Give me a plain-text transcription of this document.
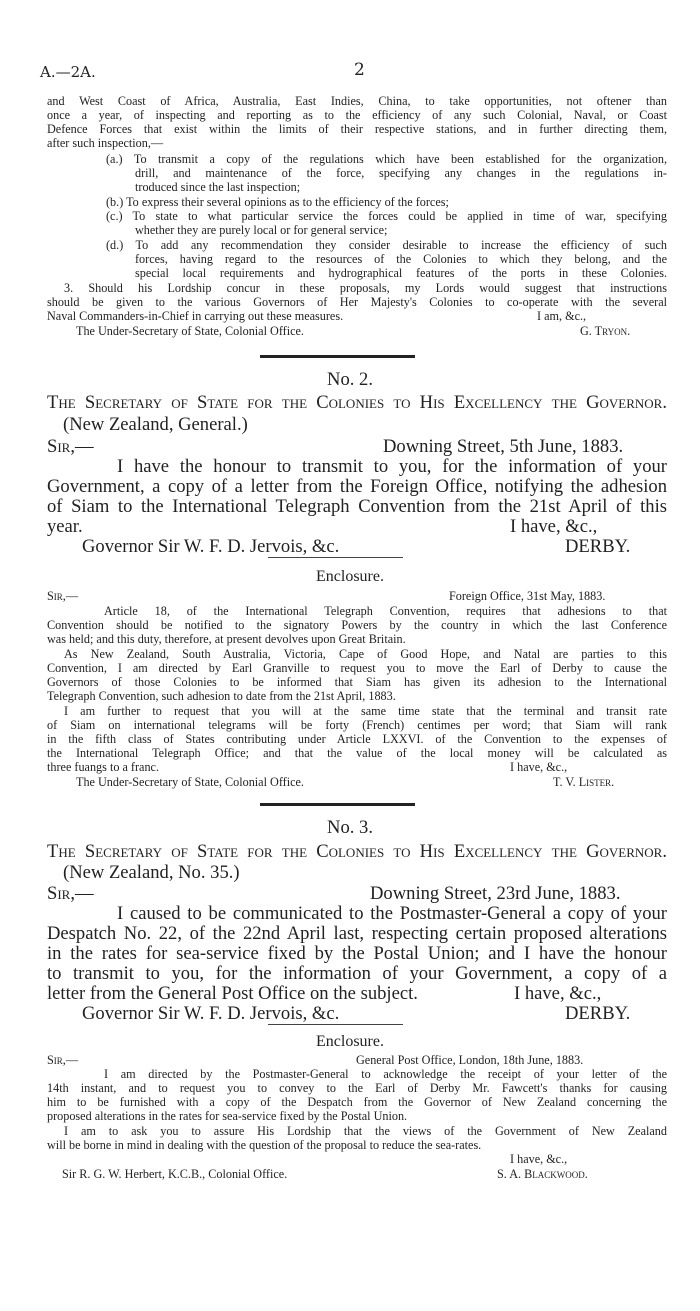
A.—2A.	2
and West Coast of Africa, Australia, East Indies, China, to take opportunities, not oftener than
once a year, of inspecting and reporting as to the efficiency of any such Colonial, Naval, or Coast
Defence Forces that exist within the limits of their respective stations, and in further directing them,
after such inspection,—
(a.) To transmit a copy of the regulations which have been established for the organization,
drill, and maintenance of the force, specifying any changes in the regulations in-
troduced since the last inspection;
(b.) To express their several opinions as to the efficiency of the forces;
(c.) To state to what particular service the forces could be applied in time of war, specifying
whether they are purely local or for general service;
(d.) To add any recommendation they consider desirable to increase the efficiency of such
forces, having regard to the resources of the Colonies to which they belong, and the
special local requirements and hydrographical features of the ports in these Colonies.
3. Should his Lordship concur in these proposals, my Lords would suggest that instructions
should be given to the various Governors of Her Majesty's Colonies to co-operate with the several
Naval Commanders-in-Chief in carrying out these measures.	I am, &c.,
The Under-Secretary of State, Colonial Office.	G. Tryon.
No. 2.
The Secretary of State for the Colonies to His Excellency the Governor.
(New Zealand, General.)
Sir,—	Downing Street, 5th June, 1883.
I have the honour to transmit to you, for the information of your
Government, a copy of a letter from the Foreign Office, notifying the adhesion
of Siam to the International Telegraph Convention from the 21st April of this
year.	I have, &c.,
Governor Sir W. F. D. Jervois, &c.	DERBY.
Enclosure.
Sir,—	Foreign Office, 31st May, 1883.
Article 18, of the International Telegraph Convention, requires that adhesions to that
Convention should be notified to the signatory Powers by the country in which the last Conference
was held; and this duty, therefore, at present devolves upon Great Britain.
As New Zealand, South Australia, Victoria, Cape of Good Hope, and Natal are parties to this
Convention, I am directed by Earl Granville to request you to move the Earl of Derby to cause the
Governors of those Colonies to be informed that Siam has given its adhesion to the International
Telegraph Convention, such adhesion to date from the 21st April, 1883.
I am further to request that you will at the same time state that the terminal and transit rate
of Siam on international telegrams will be forty (French) centimes per word; that Siam will rank
in the fifth class of States contributing under Article LXXVI. of the Convention to the expenses of
the International Telegraph Office; and that the value of the local money will be calculated as
three fuangs to a franc.	I have, &c.,
The Under-Secretary of State, Colonial Office.	T. V. Lister.
No. 3.
The Secretary of State for the Colonies to His Excellency the Governor.
(New Zealand, No. 35.)
Sir,—	Downing Street, 23rd June, 1883.
I caused to be communicated to the Postmaster-General a copy of your
Despatch No. 22, of the 22nd April last, respecting certain proposed alterations
in the rates for sea-service fixed by the Postal Union; and I have the honour
to transmit to you, for the information of your Government, a copy of a
letter from the General Post Office on the subject.	I have, &c.,
Governor Sir W. F. D. Jervois, &c.	DERBY.
Enclosure.
Sir,—	General Post Office, London, 18th June, 1883.
I am directed by the Postmaster-General to acknowledge the receipt of your letter of the
14th instant, and to request you to convey to the Earl of Derby Mr. Fawcett's thanks for causing
him to be furnished with a copy of the Despatch from the Governor of New Zealand concerning the
proposed alterations in the rates for sea-service fixed by the Postal Union.
I am to ask you to assure His Lordship that the views of the Government of New Zealand
will be borne in mind in dealing with the question of the proposal to reduce the sea-rates.
I have, &c.,
Sir R. G. W. Herbert, K.C.B., Colonial Office.	S. A. Blackwood.
